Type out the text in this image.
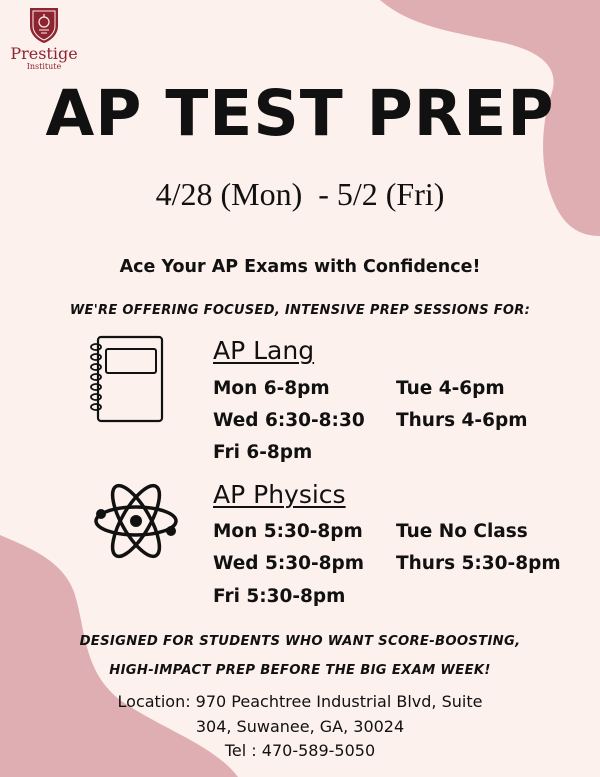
Prestige
Institute
AP TEST PREP
4/28 (Mon)  - 5/2 (Fri)
Ace Your AP Exams with Confidence!
WE'RE OFFERING FOCUSED, INTENSIVE PREP SESSIONS FOR:
AP Lang
Mon 6-8pm	Tue 4-6pm
Wed 6:30-8:30 Thurs 4-6pm
Fri 6-8pm
AP Physics
Mon 5:30-8pm Tue No Class
Wed 5:30-8pm Thurs 5:30-8pm
Fri 5:30-8pm
DESIGNED FOR STUDENTS WHO WANT SCORE-BOOSTING,
HIGH-IMPACT PREP BEFORE THE BIG EXAM WEEK!
Location: 970 Peachtree Industrial Blvd, Suite
304, Suwanee, GA, 30024
Tel : 470-589-5050
